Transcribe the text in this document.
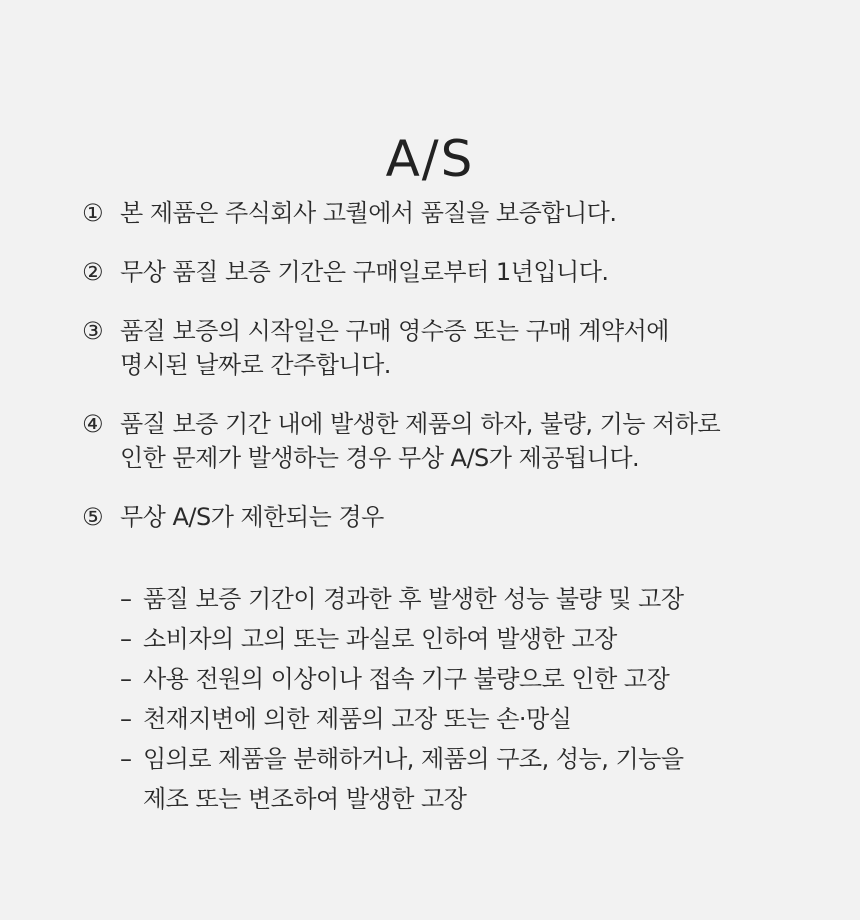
A/S
① 본 제품은 주식회사 고퀄에서 품질을 보증합니다.
② 무상 품질 보증 기간은 구매일로부터 1년입니다.
③ 품질 보증의 시작일은 구매 영수증 또는 구매 계약서에
명시된 날짜로 간주합니다.
④ 품질 보증 기간 내에 발생한 제품의 하자, 불량, 기능 저하로
인한 문제가 발생하는 경우 무상 A/S가 제공됩니다.
⑤ 무상 A/S가 제한되는 경우
– 품질 보증 기간이 경과한 후 발생한 성능 불량 및 고장
– 소비자의 고의 또는 과실로 인하여 발생한 고장
– 사용 전원의 이상이나 접속 기구 불량으로 인한 고장
– 천재지변에 의한 제품의 고장 또는 손·망실
– 임의로 제품을 분해하거나, 제품의 구조, 성능, 기능을
제조 또는 변조하여 발생한 고장
